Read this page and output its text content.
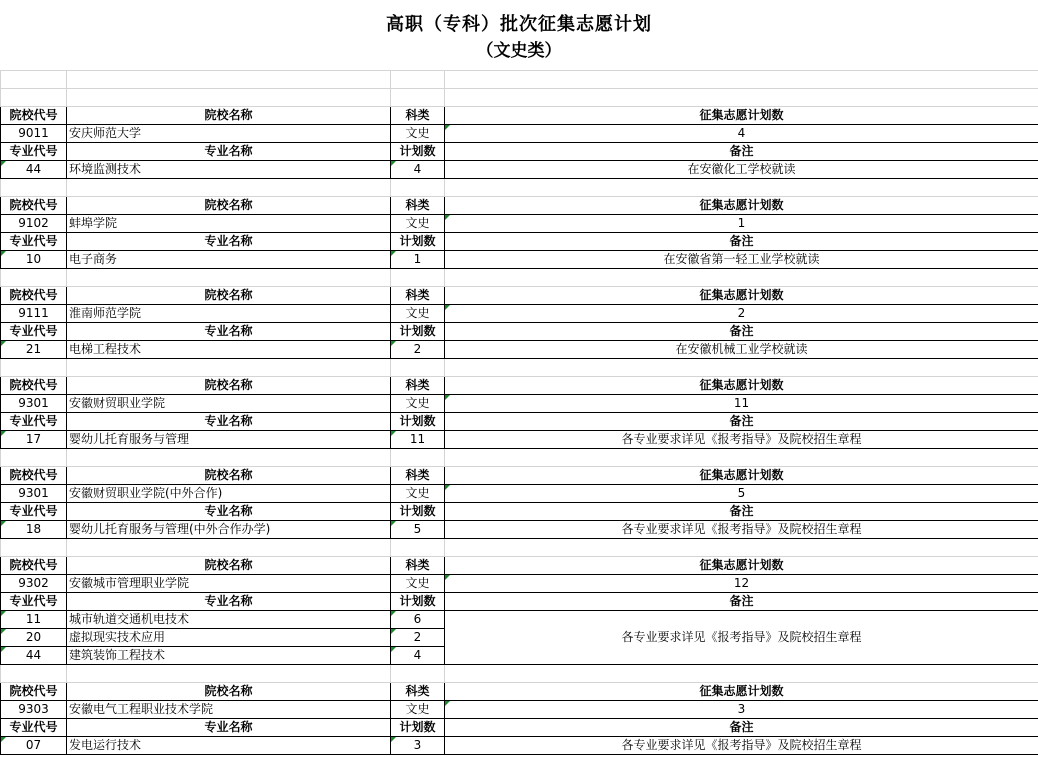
高职（专科）批次征集志愿计划
（文史类）

院校代号	院校名称	科类	征集志愿计划数
9011	安庆师范大学	文史	4
专业代号	专业名称	计划数	备注
44	环境监测技术	4	在安徽化工学校就读

院校代号	院校名称	科类	征集志愿计划数
9102	蚌埠学院	文史	1
专业代号	专业名称	计划数	备注
10	电子商务	1	在安徽省第一轻工业学校就读

院校代号	院校名称	科类	征集志愿计划数
9111	淮南师范学院	文史	2
专业代号	专业名称	计划数	备注
21	电梯工程技术	2	在安徽机械工业学校就读

院校代号	院校名称	科类	征集志愿计划数
9301	安徽财贸职业学院	文史	11
专业代号	专业名称	计划数	备注
17	婴幼儿托育服务与管理	11	各专业要求详见《报考指导》及院校招生章程

院校代号	院校名称	科类	征集志愿计划数
9301	安徽财贸职业学院(中外合作)	文史	5
专业代号	专业名称	计划数	备注
18	婴幼儿托育服务与管理(中外合作办学)	5	各专业要求详见《报考指导》及院校招生章程

院校代号	院校名称	科类	征集志愿计划数
9302	安徽城市管理职业学院	文史	12
专业代号	专业名称	计划数	备注
11	城市轨道交通机电技术	6	各专业要求详见《报考指导》及院校招生章程
20	虚拟现实技术应用	2	
44	建筑装饰工程技术	4	

院校代号	院校名称	科类	征集志愿计划数
9303	安徽电气工程职业技术学院	文史	3
专业代号	专业名称	计划数	备注
07	发电运行技术	3	各专业要求详见《报考指导》及院校招生章程
